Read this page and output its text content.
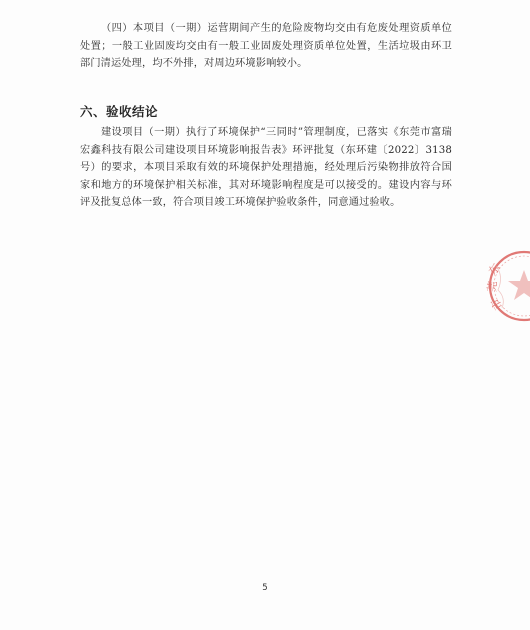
（四）本项目（一期）运营期间产生的危险废物均交由有危废处理资质单位处置；一般工业固废均交由有一般工业固废处理资质单位处置，生活垃圾由环卫部门清运处理，均不外排，对周边环境影响较小。

六、验收结论

建设项目（一期）执行了环境保护“三同时”管理制度，已落实《东莞市富瑞宏鑫科技有限公司建设项目环境影响报告表》环评批复（东环建〔2022〕3138号）的要求，本项目采取有效的环境保护处理措施，经处理后污染物排放符合国家和地方的环境保护相关标准，其对环境影响程度是可以接受的。建设内容与环评及批复总体一致，符合项目竣工环境保护验收条件，同意通过验收。

东
莞
市
5
